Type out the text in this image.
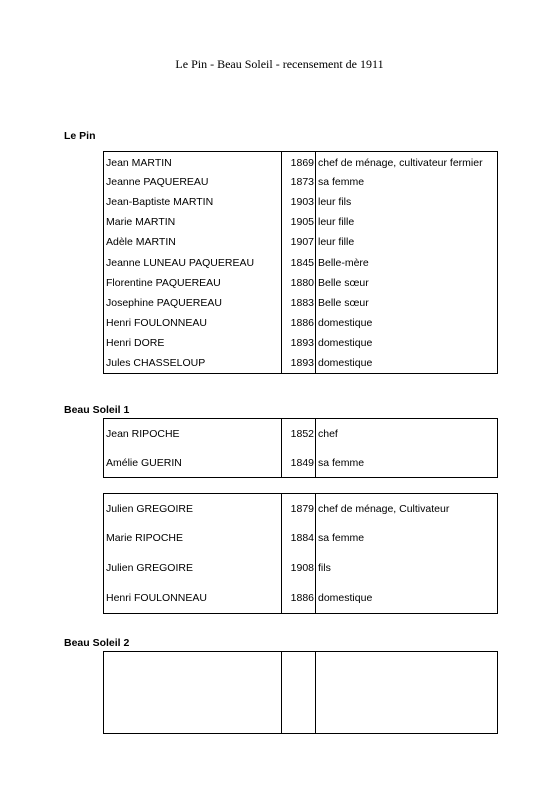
Le Pin - Beau Soleil - recensement de 1911
Le Pin
Jean MARTIN	1869	chef de ménage, cultivateur fermier
Jeanne PAQUEREAU	1873	sa femme
Jean-Baptiste MARTIN	1903	leur fils
Marie MARTIN	1905	leur fille
Adèle MARTIN	1907	leur fille
Jeanne LUNEAU PAQUEREAU	1845	Belle-mère
Florentine PAQUEREAU	1880	Belle sœur
Josephine PAQUEREAU	1883	Belle sœur
Henri FOULONNEAU	1886	domestique
Henri DORE	1893	domestique
Jules CHASSELOUP	1893	domestique
Beau Soleil 1
Jean RIPOCHE	1852	chef
Amélie GUERIN	1849	sa femme
Julien GREGOIRE	1879	chef de ménage, Cultivateur
Marie RIPOCHE	1884	sa femme
Julien GREGOIRE	1908	fils
Henri FOULONNEAU	1886	domestique
Beau Soleil 2
